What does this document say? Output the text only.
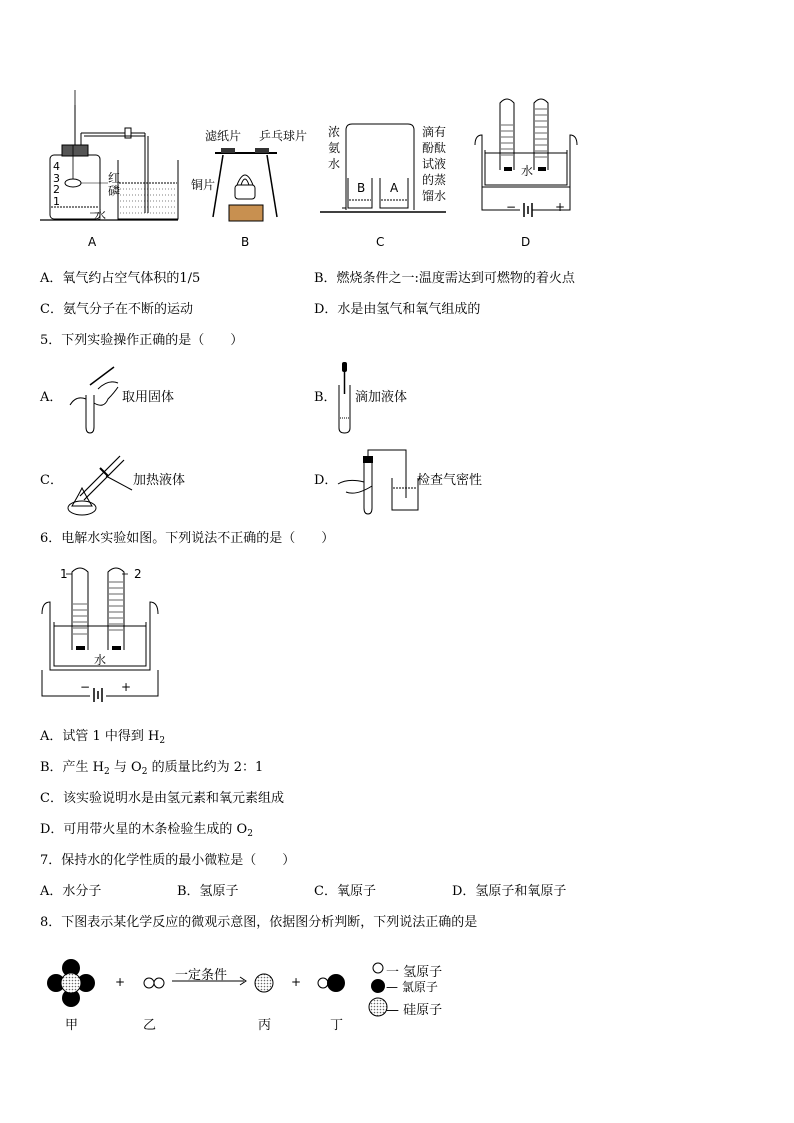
4
3
2
1
红磷
水
A
滤纸片 乒乓球片
铜片
B
浓
氨
水
滴有
酚酞
试液
的蒸
馏水
B A
C
水
−	+
D
A．氧气约占空气体积的1/5	B．燃烧条件之一:温度需达到可燃物的着火点
C．氨气分子在不断的运动	D．水是由氢气和氧气组成的
5．下列实验操作正确的是（　　）
A．	取用固体	B． 滴加液体
C．	加热液体	D．	检查气密性
6．电解水实验如图。下列说法不正确的是（　　）
1	2
水
−	+
A．试管 1 中得到 $H_2$
B．产生 $H_2$ 与 $O_2$ 的质量比约为 2：1
C．该实验说明水是由氢元素和氧元素组成
D．可用带火星的木条检验生成的 $O_2$
7．保持水的化学性质的最小微粒是（　　）
A．水分子	B．氢原子	C．氧原子	D．氢原子和氧原子
8．下图表示某化学反应的微观示意图，依据图分析判断，下列说法正确的是
一定条件
+	+
甲	乙	丙	丁
一 氢原子
— 氯原子
— 硅原子
